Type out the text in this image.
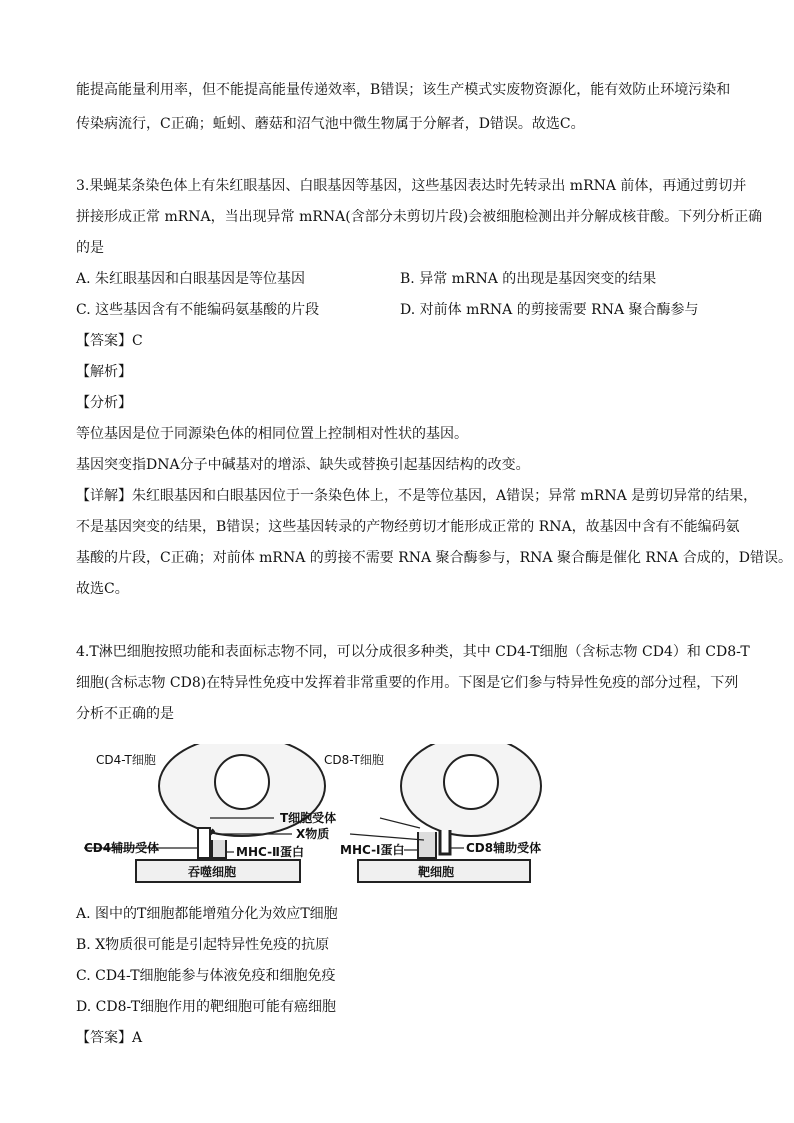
能提高能量利用率，但不能提高能量传递效率，B错误；该生产模式实废物资源化，能有效防止环境污染和
传染病流行，C正确；蚯蚓、蘑菇和沼气池中微生物属于分解者，D错误。故选C。
3.果蝇某条染色体上有朱红眼基因、白眼基因等基因，这些基因表达时先转录出 mRNA 前体，再通过剪切并
拼接形成正常 mRNA，当出现异常 mRNA(含部分未剪切片段)会被细胞检测出并分解成核苷酸。下列分析正确
的是
A. 朱红眼基因和白眼基因是等位基因	B. 异常 mRNA 的出现是基因突变的结果
C. 这些基因含有不能编码氨基酸的片段	D. 对前体 mRNA 的剪接需要 RNA 聚合酶参与
【答案】C
【解析】
【分析】
等位基因是位于同源染色体的相同位置上控制相对性状的基因。
基因突变指DNA分子中碱基对的增添、缺失或替换引起基因结构的改变。
【详解】朱红眼基因和白眼基因位于一条染色体上，不是等位基因，A错误；异常 mRNA 是剪切异常的结果，
不是基因突变的结果，B错误；这些基因转录的产物经剪切才能形成正常的 RNA，故基因中含有不能编码氨
基酸的片段，C正确；对前体 mRNA 的剪接不需要 RNA 聚合酶参与，RNA 聚合酶是催化 RNA 合成的，D错误。
故选C。
4.T淋巴细胞按照功能和表面标志物不同，可以分成很多种类，其中 CD4-T细胞（含标志物 CD4）和 CD8-T
细胞(含标志物 CD8)在特异性免疫中发挥着非常重要的作用。下图是它们参与特异性免疫的部分过程，下列
分析不正确的是
CD4-T细胞	CD8-T细胞
T细胞受体
X物质
CD4辅助受体	MHC-Ⅱ蛋白	MHC-Ⅰ蛋白	CD8辅助受体
吞噬细胞	靶细胞
A. 图中的T细胞都能增殖分化为效应T细胞
B. X物质很可能是引起特异性免疫的抗原
C. CD4-T细胞能参与体液免疫和细胞免疫
D. CD8-T细胞作用的靶细胞可能有癌细胞
【答案】A
